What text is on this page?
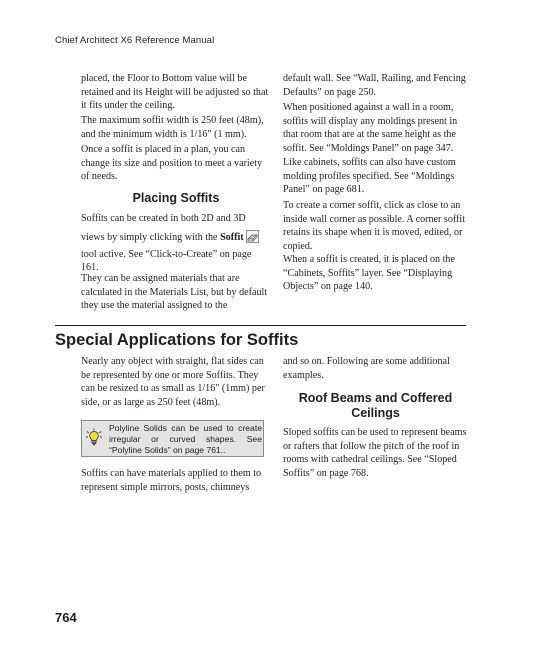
Chief Architect X6 Reference Manual

placed, the Floor to Bottom value will be retained and its Height will be adjusted so that it fits under the ceiling.

The maximum soffit width is 250 feet (48m), and the minimum width is 1/16" (1 mm).

Once a soffit is placed in a plan, you can change its size and position to meet a variety of needs.

Placing Soffits

Soffits can be created in both 2D and 3D

views by simply clicking with the Soffit
tool active. See “Click-to-Create” on page 161.

They can be assigned materials that are calculated in the Materials List, but by default they use the material assigned to the

default wall. See “Wall, Railing, and Fencing Defaults” on page 250.

When positioned against a wall in a room, soffits will display any moldings present in that room that are at the same height as the soffit. See “Moldings Panel” on page 347.

Like cabinets, soffits can also have custom molding profiles specified. See “Moldings Panel” on page 681.

To create a corner soffit, click as close to an inside wall corner as possible. A corner soffit retains its shape when it is moved, edited, or copied.

When a soffit is created, it is placed on the “Cabinets, Soffits” layer. See “Displaying Objects” on page 140.

Special Applications for Soffits

Nearly any object with straight, flat sides can be represented by one or more Soffits. They can be resized to as small as 1/16" (1mm) per side, or as large as 250 feet (48m).

Polyline Solids can be used to create irregular or curved shapes. See “Polyline Solids” on page 761..

Soffits can have materials applied to them to represent simple mirrors, posts, chimneys

and so on. Following are some additional examples.

Roof Beams and Coffered Ceilings

Sloped soffits can be used to represent beams or rafters that follow the pitch of the roof in rooms with cathedral ceilings. See “Sloped Soffits” on page 768.

764
